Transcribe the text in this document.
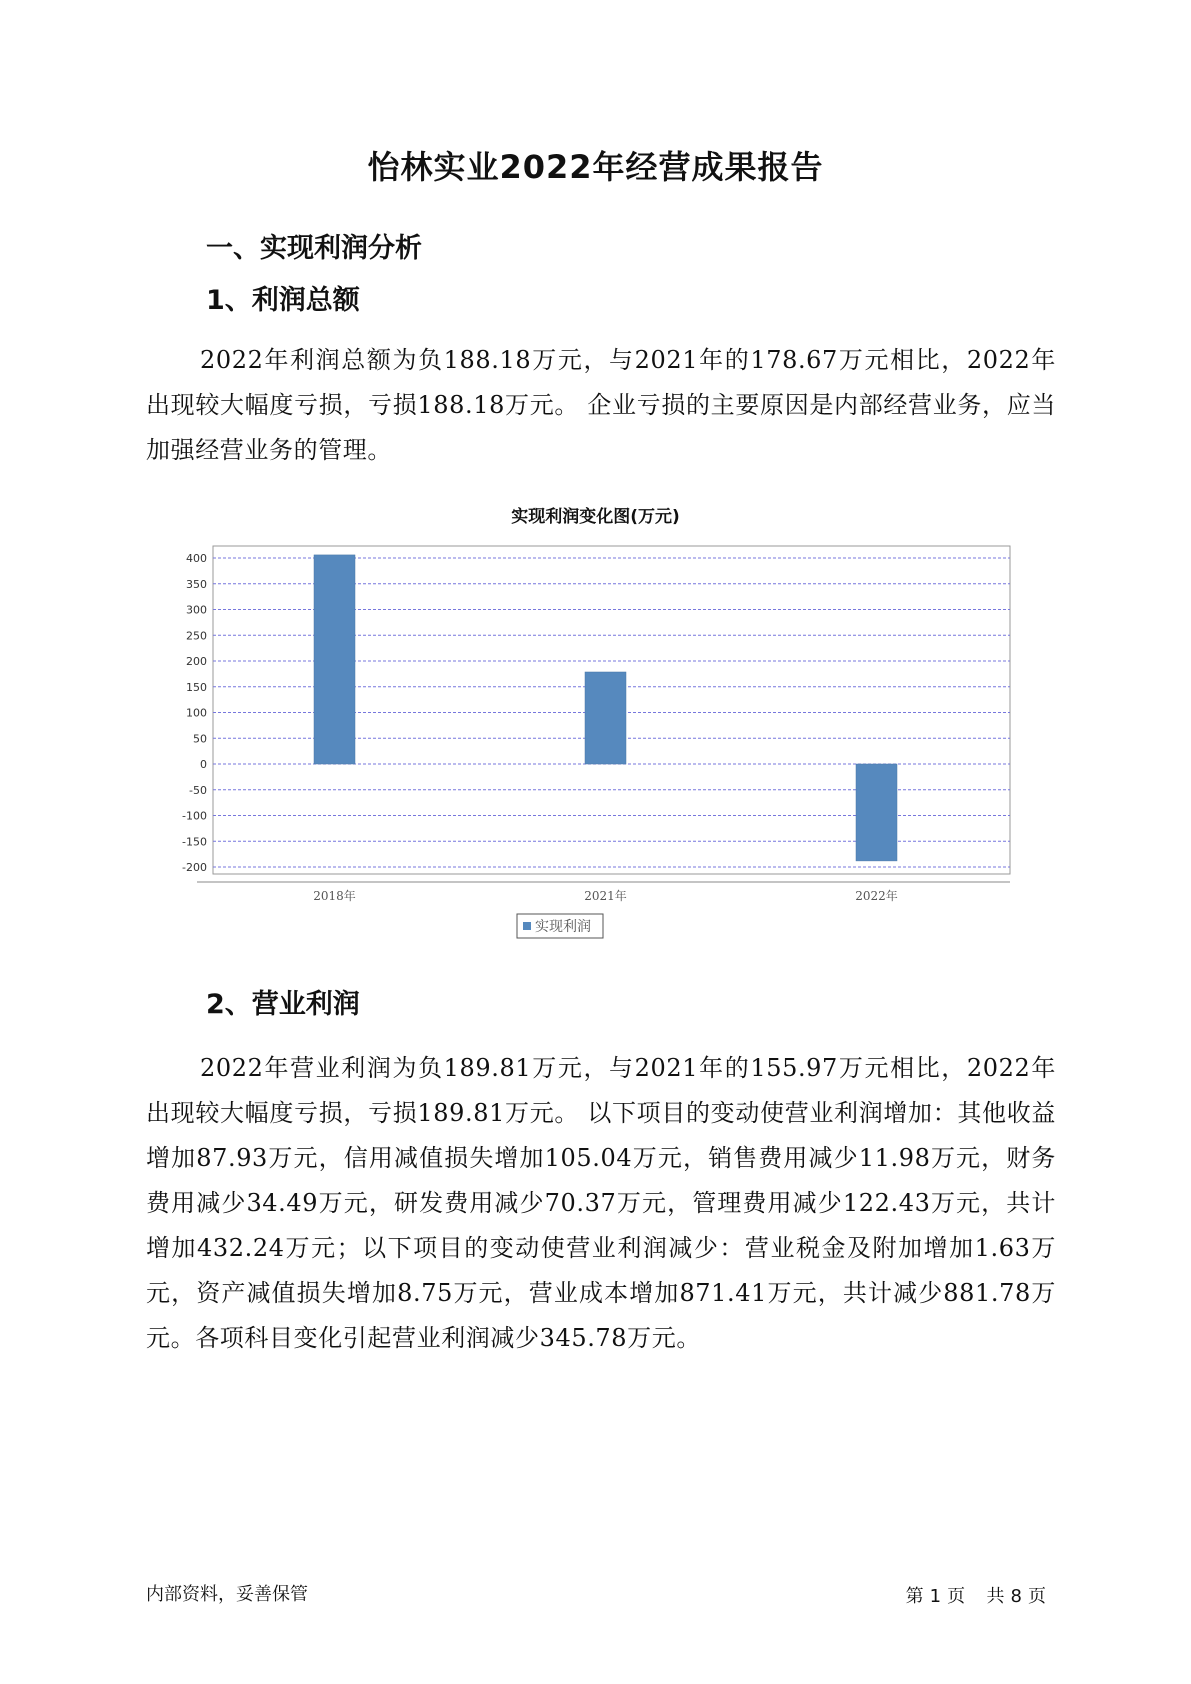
怡林实业2022年经营成果报告
一、实现利润分析
1、利润总额

2022年利润总额为负188.18万元，与2021年的178.67万元相比，2022年出现较大幅度亏损，亏损188.18万元。 企业亏损的主要原因是内部经营业务，应当加强经营业务的管理。

实现利润变化图(万元)
400
350
300
250
200
150
100
50
0
-50
-100
-150
-200
2018年	2021年	2022年
实现利润
2、营业利润

2022年营业利润为负189.81万元，与2021年的155.97万元相比，2022年出现较大幅度亏损，亏损189.81万元。 以下项目的变动使营业利润增加：其他收益增加87.93万元，信用减值损失增加105.04万元，销售费用减少11.98万元，财务费用减少34.49万元，研发费用减少70.37万元，管理费用减少122.43万元，共计增加432.24万元；以下项目的变动使营业利润减少：营业税金及附加增加1.63万元，资产减值损失增加8.75万元，营业成本增加871.41万元，共计减少881.78万元。各项科目变化引起营业利润减少345.78万元。

内部资料，妥善保管	第 1 页 共 8 页
